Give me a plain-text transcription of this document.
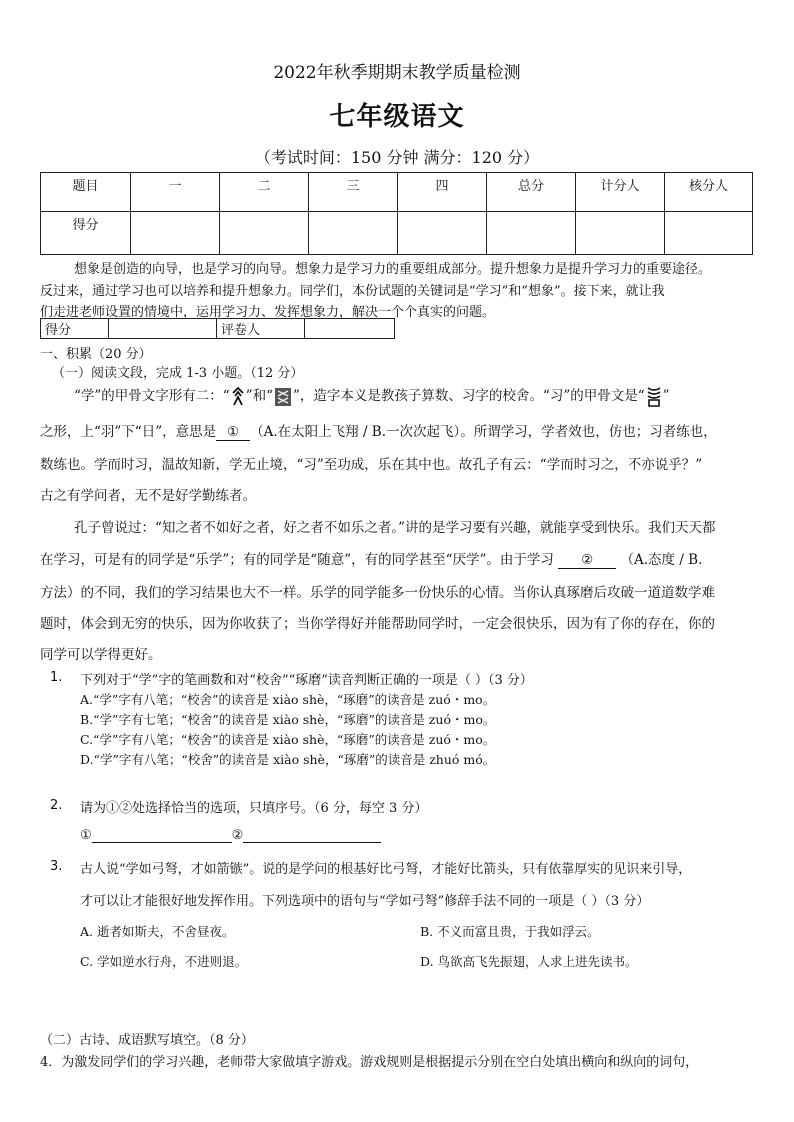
2022年秋季期期末教学质量检测
七年级语文
（考试时间：150 分钟 满分：120 分）
题目	一	二	三	四	总分	计分人	核分人
得分							
想象是创造的向导，也是学习的向导。想象力是学习力的重要组成部分。提升想象力是提升学习力的重要途径。
反过来，通过学习也可以培养和提升想象力。同学们，本份试题的关键词是“学习”和“想象”。接下来，就让我
们走进老师设置的情境中，运用学习力、发挥想象力，解决一个个真实的问题。
得分		评卷人	
一、积累（20 分）
（一）阅读文段，完成 1-3 小题。（12 分）
“学”的甲骨文字形有二：“ ”和“ ”，造字本义是教孩子算数、习字的校舍。“习”的甲骨文是“ ”
之形，上“羽”下“日”，意思是 ① （A.在太阳上飞翔 / B.一次次起飞）。所谓学习，学者效也，仿也；习者练也，
数练也。学而时习，温故知新，学无止境，“习”至功成，乐在其中也。故孔子有云：“学而时习之，不亦说乎？”
古之有学问者，无不是好学勤练者。
孔子曾说过：“知之者不如好之者，好之者不如乐之者。”讲的是学习要有兴趣，就能享受到快乐。我们天天都
在学习，可是有的同学是“乐学”；有的同学是“随意”，有的同学甚至“厌学”。由于学习 ② （A.态度 / B.
方法）的不同，我们的学习结果也大不一样。乐学的同学能多一份快乐的心情。当你认真琢磨后攻破一道道数学难
题时，体会到无穷的快乐，因为你收获了；当你学得好并能帮助同学时，一定会很快乐，因为有了你的存在，你的
同学可以学得更好。
1. 下列对于“学”字的笔画数和对“校舍”“琢磨”读音判断正确的一项是（ ）（3 分）
A.“学”字有八笔；“校舍”的读音是 xiào shè，“琢磨”的读音是 zuó・mo。
B.“学”字有七笔；“校舍”的读音是 xiào shè，“琢磨”的读音是 zuó・mo。
C.“学”字有八笔；“校舍”的读音是 xiào shè，“琢磨”的读音是 zuó・mo。
D.“学”字有八笔；“校舍”的读音是 xiào shè，“琢磨”的读音是 zhuó mó。
2. 请为①②处选择恰当的选项，只填序号。（6 分，每空 3 分）
①	②
3. 古人说“学如弓弩，才如箭镞”。说的是学问的根基好比弓弩，才能好比箭头，只有依靠厚实的见识来引导，
才可以让才能很好地发挥作用。下列选项中的语句与“学如弓弩”修辞手法不同的一项是（ ）（3 分）
A. 逝者如斯夫，不舍昼夜。	B. 不义而富且贵，于我如浮云。
C. 学如逆水行舟，不进则退。	D. 鸟欲高飞先振翅，人求上进先读书。
（二）古诗、成语默写填空。（8 分）
4．为激发同学们的学习兴趣，老师带大家做填字游戏。游戏规则是根据提示分别在空白处填出横向和纵向的词句，
